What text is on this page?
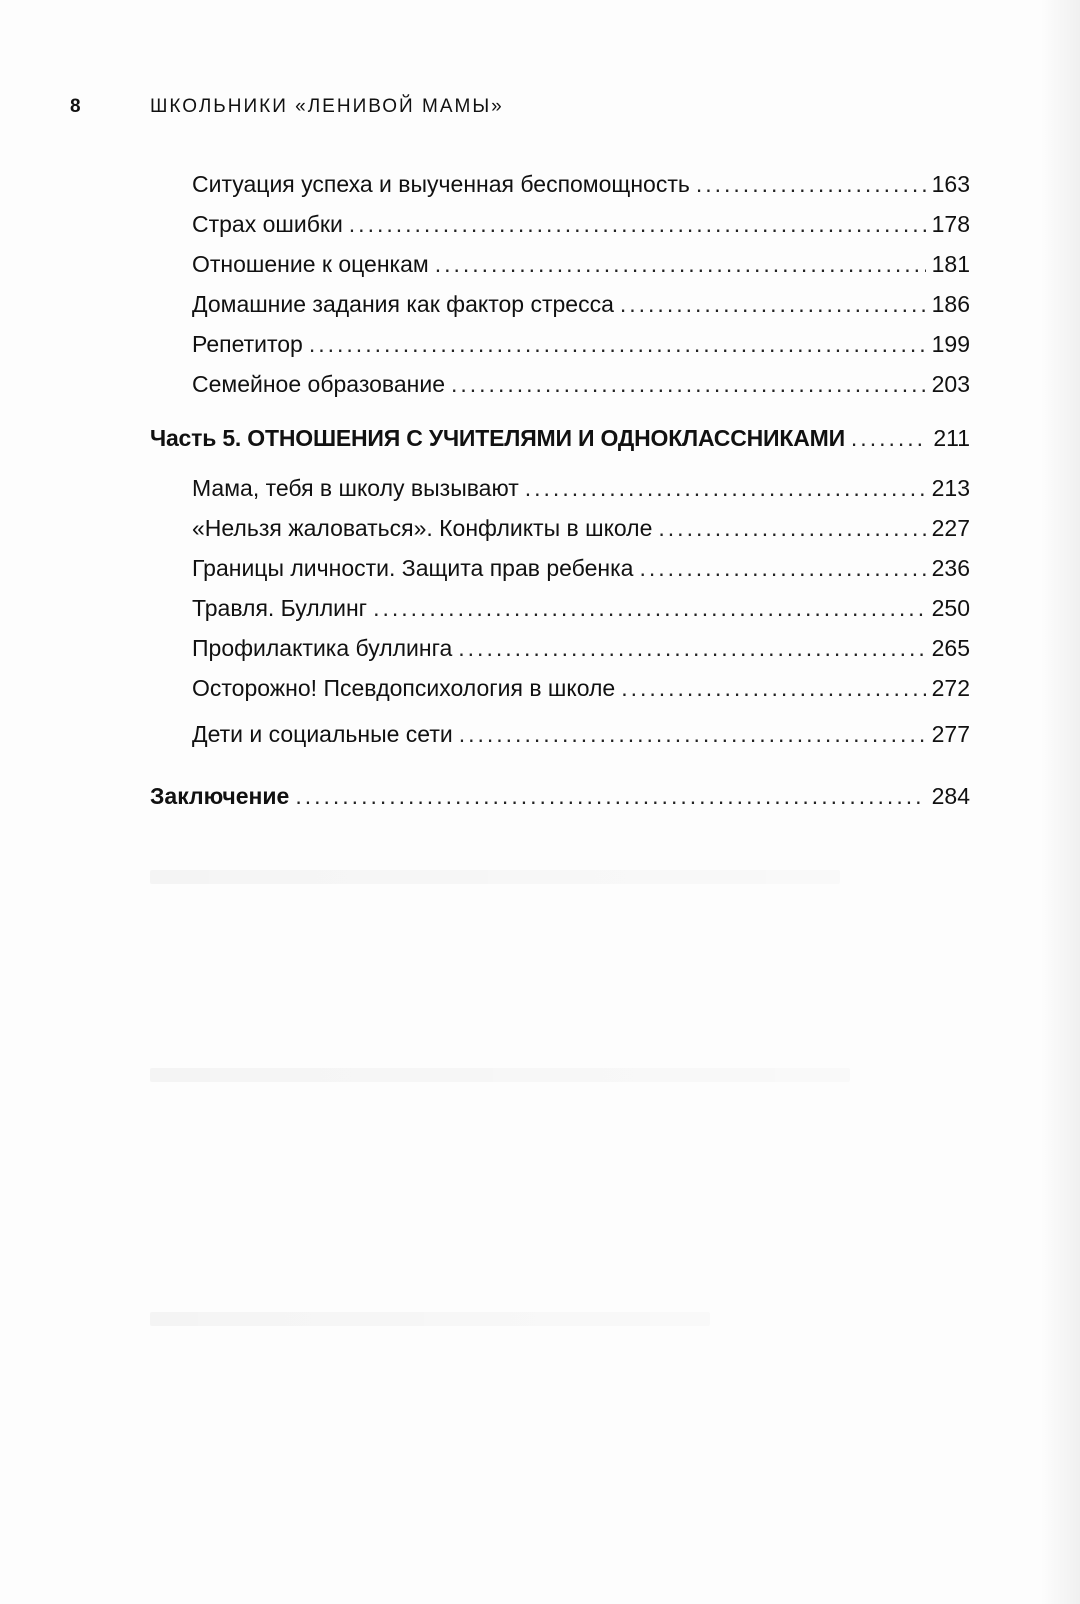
8	ШКОЛЬНИКИ «ЛЕНИВОЙ МАМЫ»
Ситуация успеха и выученная беспомощность .....	163
Страх ошибки .....	178
Отношение к оценкам .....	181
Домашние задания как фактор стресса .....	186
Репетитор .....	199
Семейное образование .....	203
Часть 5. ОТНОШЕНИЯ С УЧИТЕЛЯМИ И ОДНОКЛАССНИКАМИ .....	211
Мама, тебя в школу вызывают .....	213
«Нельзя жаловаться». Конфликты в школе .....	227
Границы личности. Защита прав ребенка .....	236
Травля. Буллинг .....	250
Профилактика буллинга .....	265
Осторожно! Псевдопсихология в школе .....	272
Дети и социальные сети .....	277
Заключение .....	284
